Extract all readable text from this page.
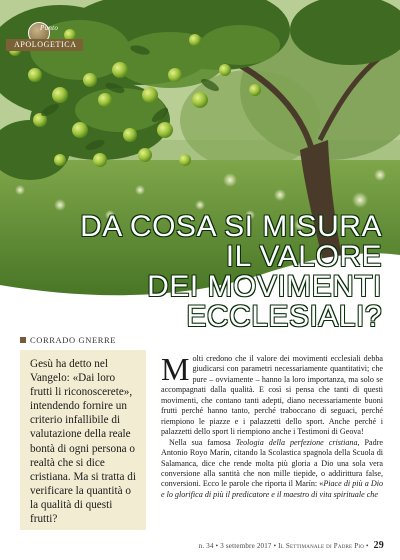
Punto
APOLOGETICA
DA COSA SI MISURA
IL VALORE
DEI MOVIMENTI
ECCLESIALI?
CORRADO GNERRE
Gesù ha detto nel Vangelo: «Dai loro frutti li riconoscerete», intendendo fornire un criterio infallibile di valutazione della reale bontà di ogni persona o realtà che si dice cristiana. Ma si tratta di verificare la quantità o la qualità di questi frutti?

Molti credono che il valore dei movimenti ecclesiali debba giudicarsi con parametri necessariamente quantitativi; che pure – ovviamente – hanno la loro importanza, ma solo se accompagnati dalla qualità. E così si pensa che tanti di questi movimenti, che contano tanti adepti, diano necessariamente buoni frutti perché hanno tanto, perché traboccano di seguaci, perché riempiono le piazze e i palazzetti dello sport. Anche perché i palazzetti dello sport li riempiono anche i Testimoni di Geova!

Nella sua famosa Teologia della perfezione cristiana, Padre Antonio Royo Marín, citando la Scolastica spagnola della Scuola di Salamanca, dice che rende molta più gloria a Dio una sola vera conversione alla santità che non mille tiepide, o addirittura false, conversioni. Ecco le parole che riporta il Marín: «Piace di più a Dio e lo glorifica di più il predicatore e il maestro di vita spirituale che

n. 34 • 3 settembre 2017 • Il Settimanale di Padre Pio • 29
